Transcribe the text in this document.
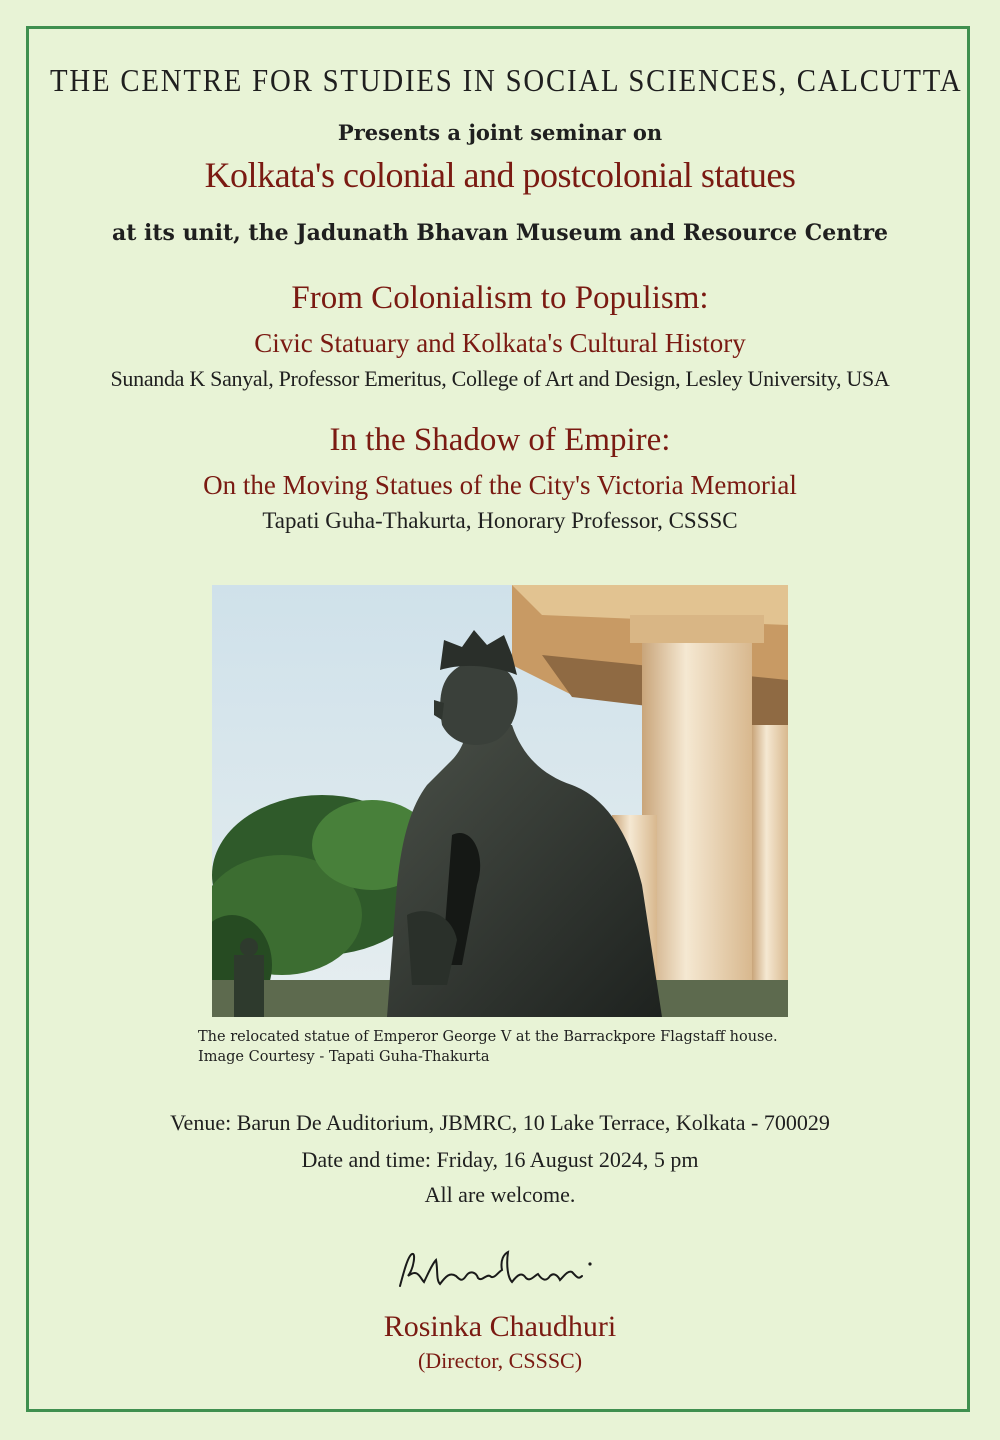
THE CENTRE FOR STUDIES IN SOCIAL SCIENCES, CALCUTTA
Presents a joint seminar on
Kolkata's colonial and postcolonial statues
at its unit, the Jadunath Bhavan Museum and Resource Centre
From Colonialism to Populism:
Civic Statuary and Kolkata's Cultural History
Sunanda K Sanyal, Professor Emeritus, College of Art and Design, Lesley University, USA
In the Shadow of Empire:
On the Moving Statues of the City's Victoria Memorial
Tapati Guha-Thakurta, Honorary Professor, CSSSC
The relocated statue of Emperor George V at the Barrackpore Flagstaff house.
Image Courtesy - Tapati Guha-Thakurta
Venue: Barun De Auditorium, JBMRC, 10 Lake Terrace, Kolkata - 700029
Date and time: Friday, 16 August 2024, 5 pm
All are welcome.
Rosinka Chaudhuri
(Director, CSSSC)
